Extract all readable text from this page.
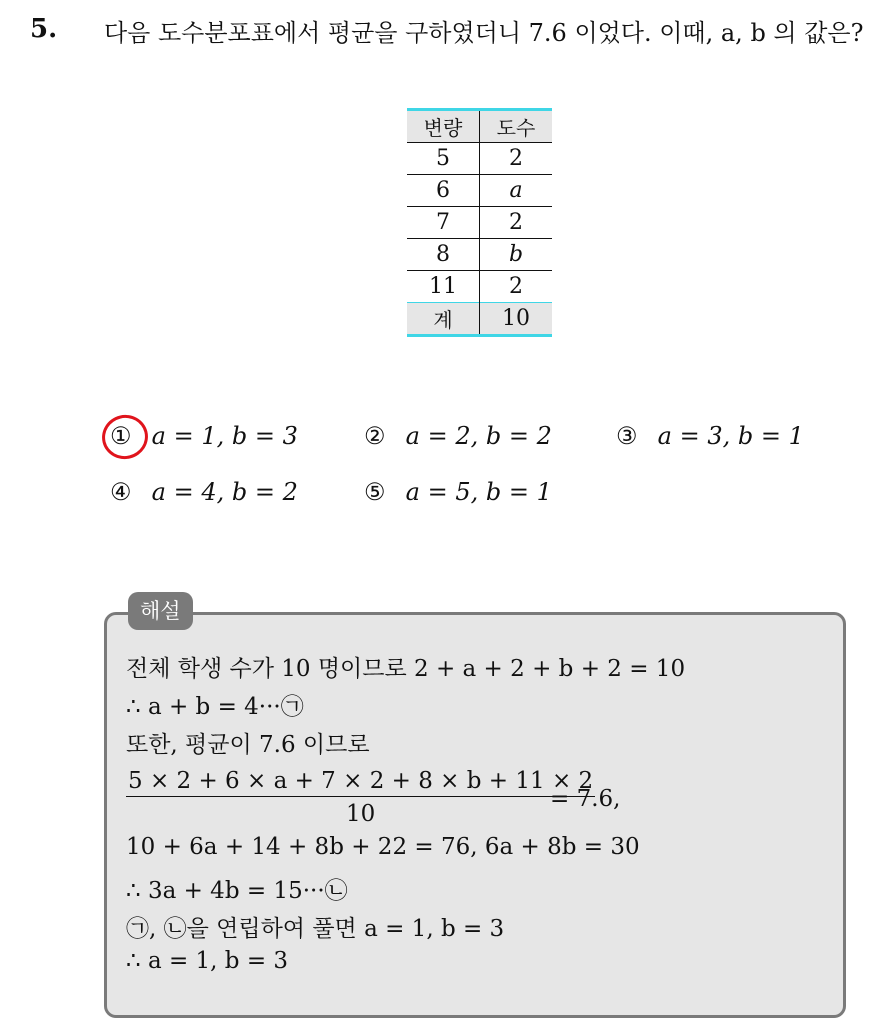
5. 다음 도수분포표에서 평균을 구하였더니 7.6 이었다. 이때, a, b 의 값은?
변량	도수
5	2
6	a
7	2
8	b
11	2
계	10
① a = 1, b = 3	② a = 2, b = 2	③ a = 3, b = 1
④ a = 4, b = 2	⑤ a = 5, b = 1
해설
전체 학생 수가 10 명이므로 2 + a + 2 + b + 2 = 10
∴ a + b = 4···㉠
또한, 평균이 7.6 이므로
$\frac{5 \times 2 + 6 \times a + 7 \times 2 + 8 \times b + 11 \times 2}{10}$
= 7.6,
10 + 6a + 14 + 8b + 22 = 76, 6a + 8b = 30
∴ 3a + 4b = 15···㉡
㉠, ㉡을 연립하여 풀면 a = 1, b = 3
∴ a = 1, b = 3
